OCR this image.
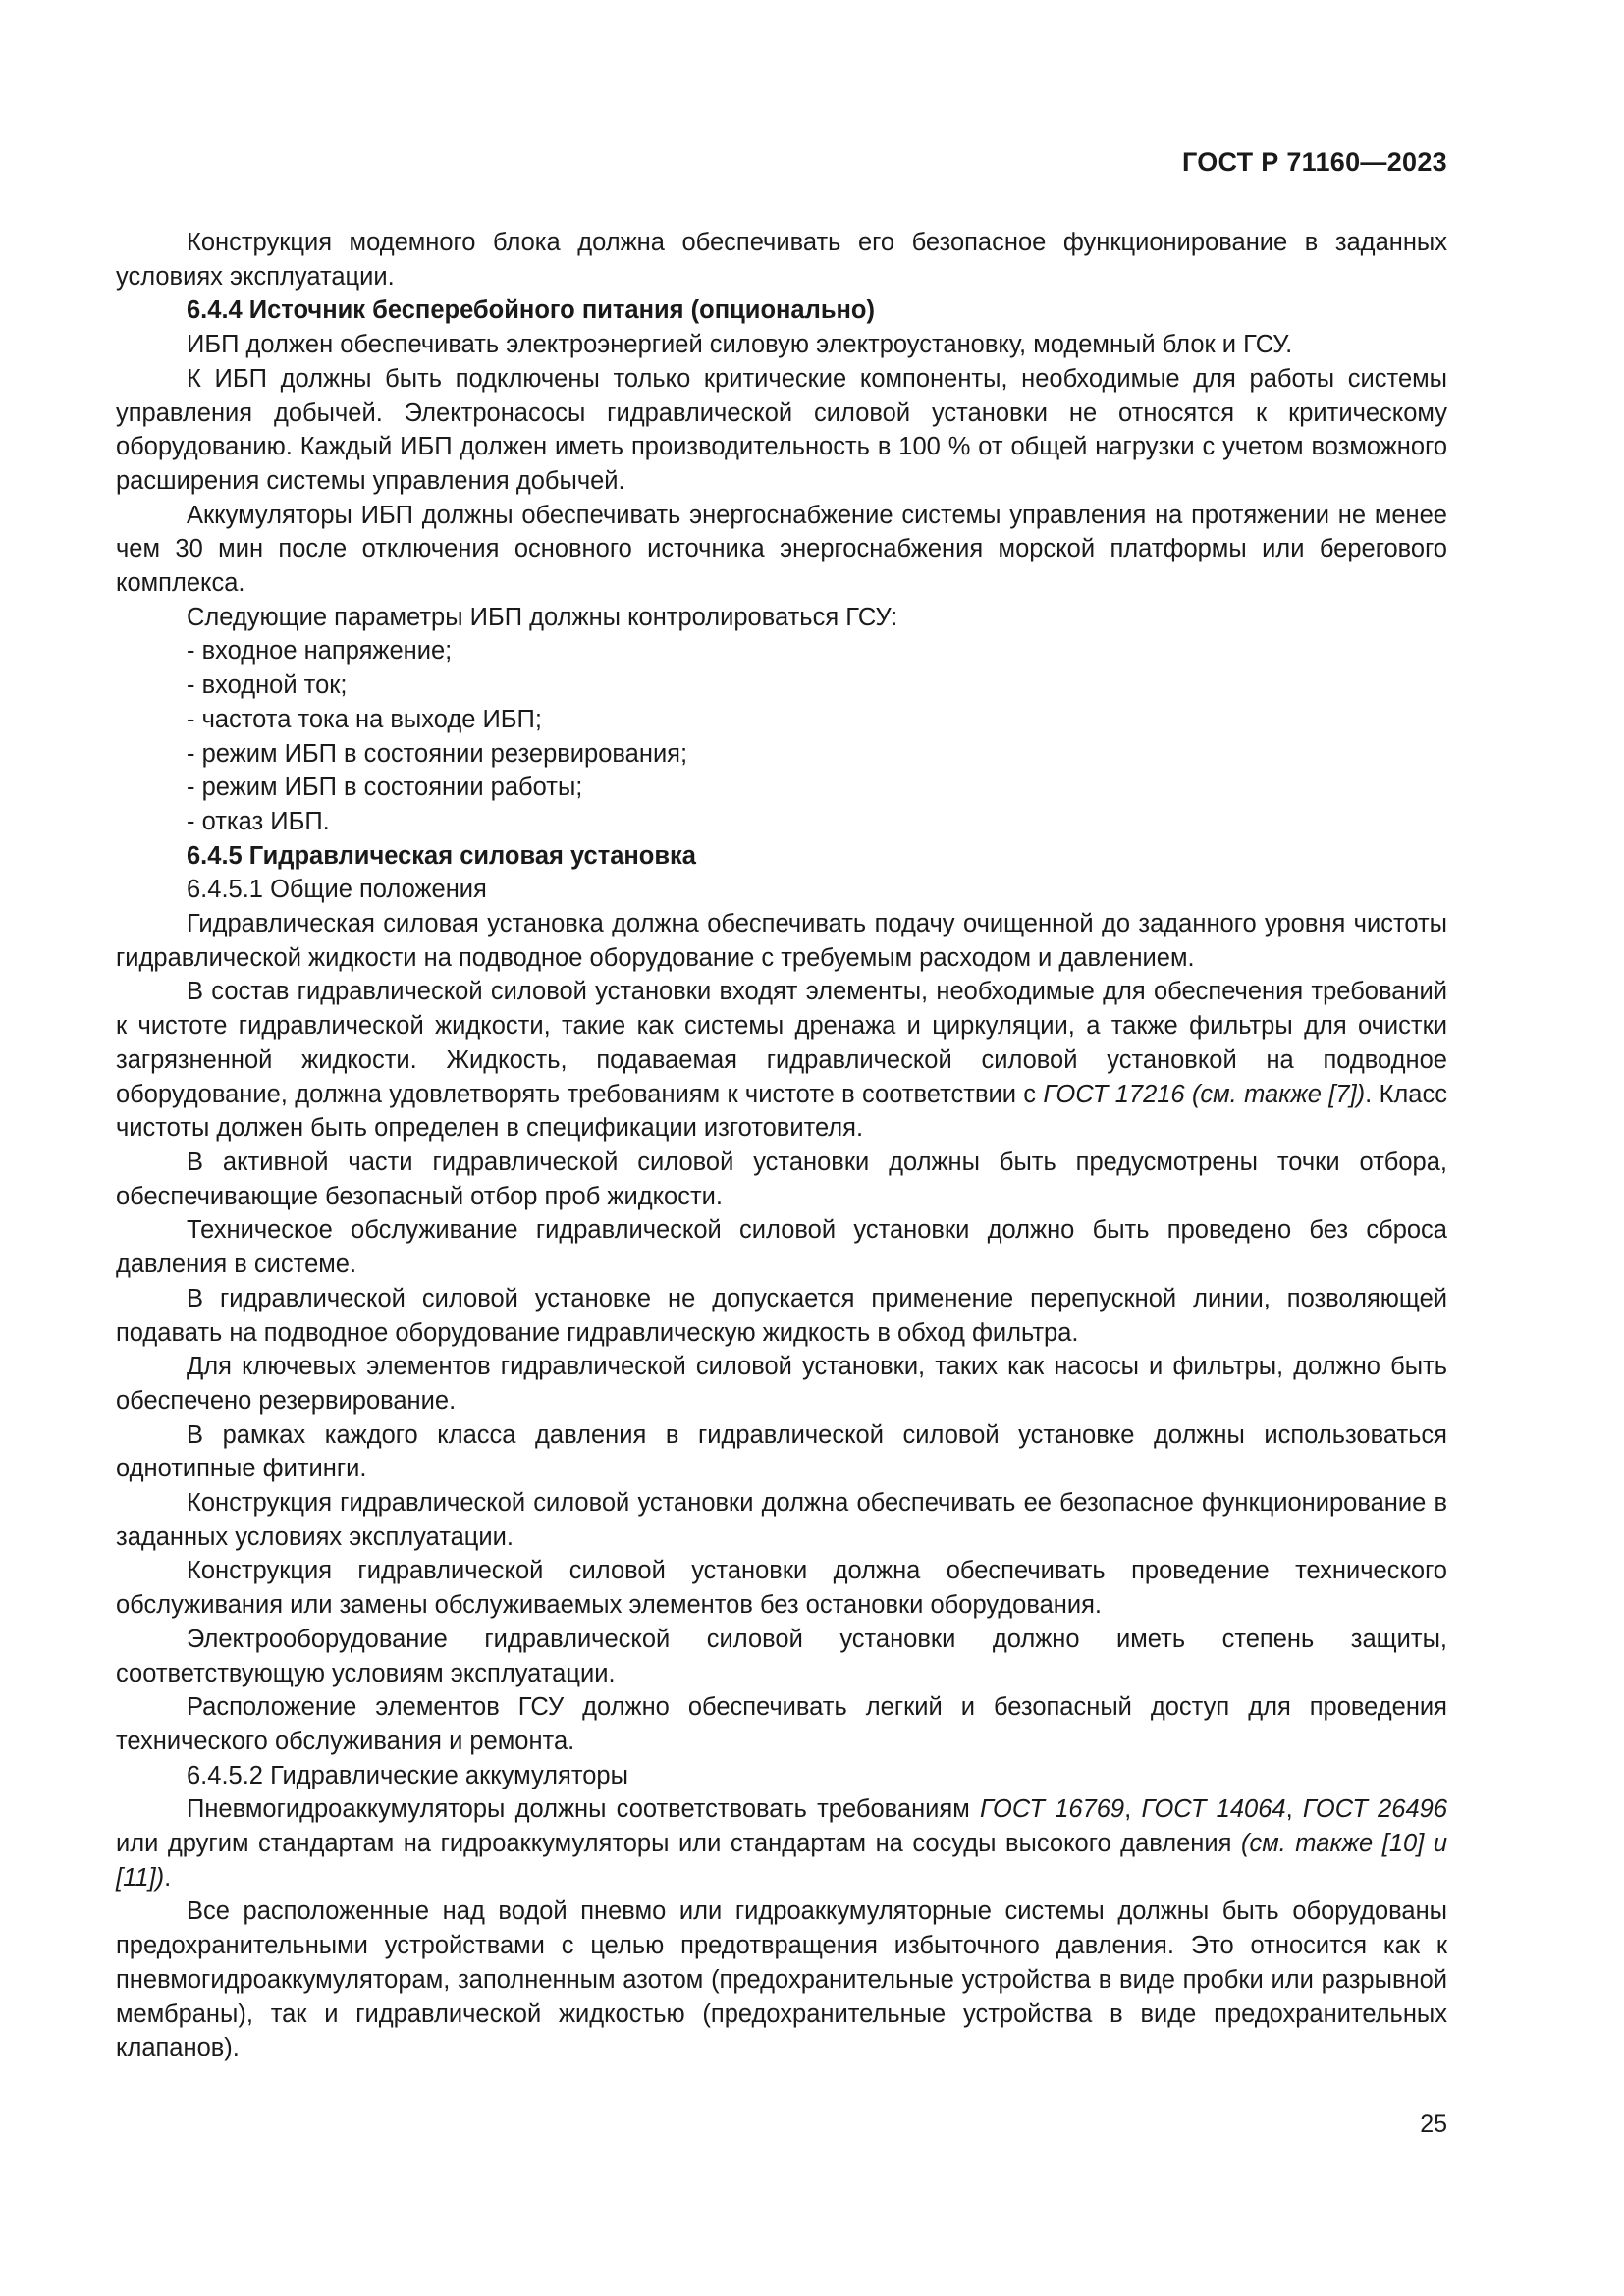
ГОСТ Р 71160—2023

Конструкция модемного блока должна обеспечивать его безопасное функционирование в заданных условиях эксплуатации.

6.4.4 Источник бесперебойного питания (опционально)

ИБП должен обеспечивать электроэнергией силовую электроустановку, модемный блок и ГСУ.

К ИБП должны быть подключены только критические компоненты, необходимые для работы системы управления добычей. Электронасосы гидравлической силовой установки не относятся к критическому оборудованию. Каждый ИБП должен иметь производительность в 100 % от общей нагрузки с учетом возможного расширения системы управления добычей.

Аккумуляторы ИБП должны обеспечивать энергоснабжение системы управления на протяжении не менее чем 30 мин после отключения основного источника энергоснабжения морской платформы или берегового комплекса.

Следующие параметры ИБП должны контролироваться ГСУ:

- входное напряжение;

- входной ток;

- частота тока на выходе ИБП;

- режим ИБП в состоянии резервирования;

- режим ИБП в состоянии работы;

- отказ ИБП.

6.4.5 Гидравлическая силовая установка

6.4.5.1 Общие положения

Гидравлическая силовая установка должна обеспечивать подачу очищенной до заданного уровня чистоты гидравлической жидкости на подводное оборудование с требуемым расходом и давлением.

В состав гидравлической силовой установки входят элементы, необходимые для обеспечения требований к чистоте гидравлической жидкости, такие как системы дренажа и циркуляции, а также фильтры для очистки загрязненной жидкости. Жидкость, подаваемая гидравлической силовой установкой на подводное оборудование, должна удовлетворять требованиям к чистоте в соответствии с ГОСТ 17216 (см. также [7]). Класс чистоты должен быть определен в спецификации изготовителя.

В активной части гидравлической силовой установки должны быть предусмотрены точки отбора, обеспечивающие безопасный отбор проб жидкости.

Техническое обслуживание гидравлической силовой установки должно быть проведено без сброса давления в системе.

В гидравлической силовой установке не допускается применение перепускной линии, позволяющей подавать на подводное оборудование гидравлическую жидкость в обход фильтра.

Для ключевых элементов гидравлической силовой установки, таких как насосы и фильтры, должно быть обеспечено резервирование.

В рамках каждого класса давления в гидравлической силовой установке должны использоваться однотипные фитинги.

Конструкция гидравлической силовой установки должна обеспечивать ее безопасное функционирование в заданных условиях эксплуатации.

Конструкция гидравлической силовой установки должна обеспечивать проведение технического обслуживания или замены обслуживаемых элементов без остановки оборудования.

Электрооборудование гидравлической силовой установки должно иметь степень защиты, соответствующую условиям эксплуатации.

Расположение элементов ГСУ должно обеспечивать легкий и безопасный доступ для проведения технического обслуживания и ремонта.

6.4.5.2 Гидравлические аккумуляторы

Пневмогидроаккумуляторы должны соответствовать требованиям ГОСТ 16769, ГОСТ 14064, ГОСТ 26496 или другим стандартам на гидроаккумуляторы или стандартам на сосуды высокого давления (см. также [10] и [11]).

Все расположенные над водой пневмо или гидроаккумуляторные системы должны быть оборудованы предохранительными устройствами с целью предотвращения избыточного давления. Это относится как к пневмогидроаккумуляторам, заполненным азотом (предохранительные устройства в виде пробки или разрывной мембраны), так и гидравлической жидкостью (предохранительные устройства в виде предохранительных клапанов).

25
